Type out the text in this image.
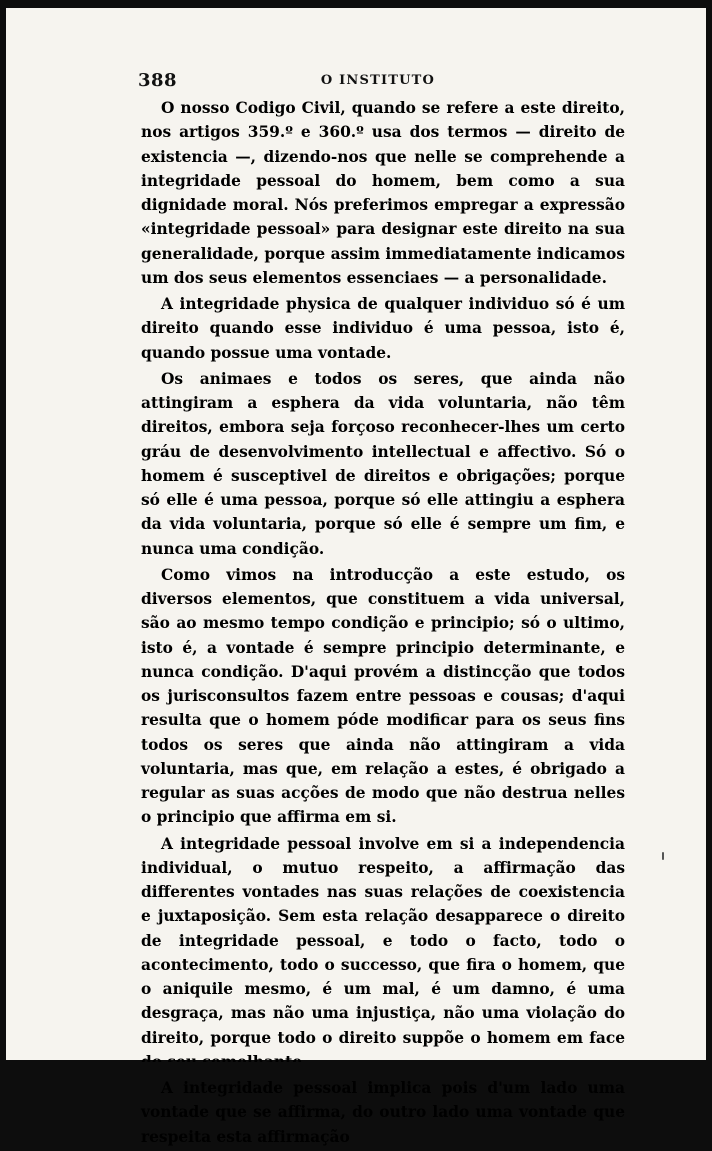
388	O INSTITUTO

O nosso Codigo Civil, quando se refere a este direito, nos artigos 359.º e 360.º usa dos termos — direito de existencia —, dizendo-nos que nelle se comprehende a integridade pessoal do homem, bem como a sua dignidade moral. Nós preferimos empregar a expressão «integridade pessoal» para designar este direito na sua generalidade, porque assim immediatamente indicamos um dos seus elementos essenciaes — a personalidade.

A integridade physica de qualquer individuo só é um direito quando esse individuo é uma pessoa, isto é, quando possue uma vontade.

Os animaes e todos os seres, que ainda não attingiram a esphera da vida voluntaria, não têm direitos, embora seja forçoso reconhecer-lhes um certo gráu de desenvolvimento intellectual e affectivo. Só o homem é susceptivel de direitos e obrigações; porque só elle é uma pessoa, porque só elle attingiu a esphera da vida voluntaria, porque só elle é sempre um fim, e nunca uma condição.

Como vimos na introducção a este estudo, os diversos elementos, que constituem a vida universal, são ao mesmo tempo condição e principio; só o ultimo, isto é, a vontade é sempre principio determinante, e nunca condição. D'aqui provém a distincção que todos os jurisconsultos fazem entre pessoas e cousas; d'aqui resulta que o homem póde modificar para os seus fins todos os seres que ainda não attingiram a vida voluntaria, mas que, em relação a estes, é obrigado a regular as suas acções de modo que não destrua nelles o principio que affirma em si.

A integridade pessoal involve em si a independencia individual, o mutuo respeito, a affirmação das differentes vontades nas suas relações de coexistencia e juxtaposição. Sem esta relação desapparece o direito de integridade pessoal, e todo o facto, todo o acontecimento, todo o successo, que fira o homem, que o aniquile mesmo, é um mal, é um damno, é uma desgraça, mas não uma injustiça, não uma violação do direito, porque todo o direito suppõe o homem em face

A integridade pessoal implica pois d'um lado uma vontade que se affirma, do outro lado uma vontade que respeita esta affirmação
